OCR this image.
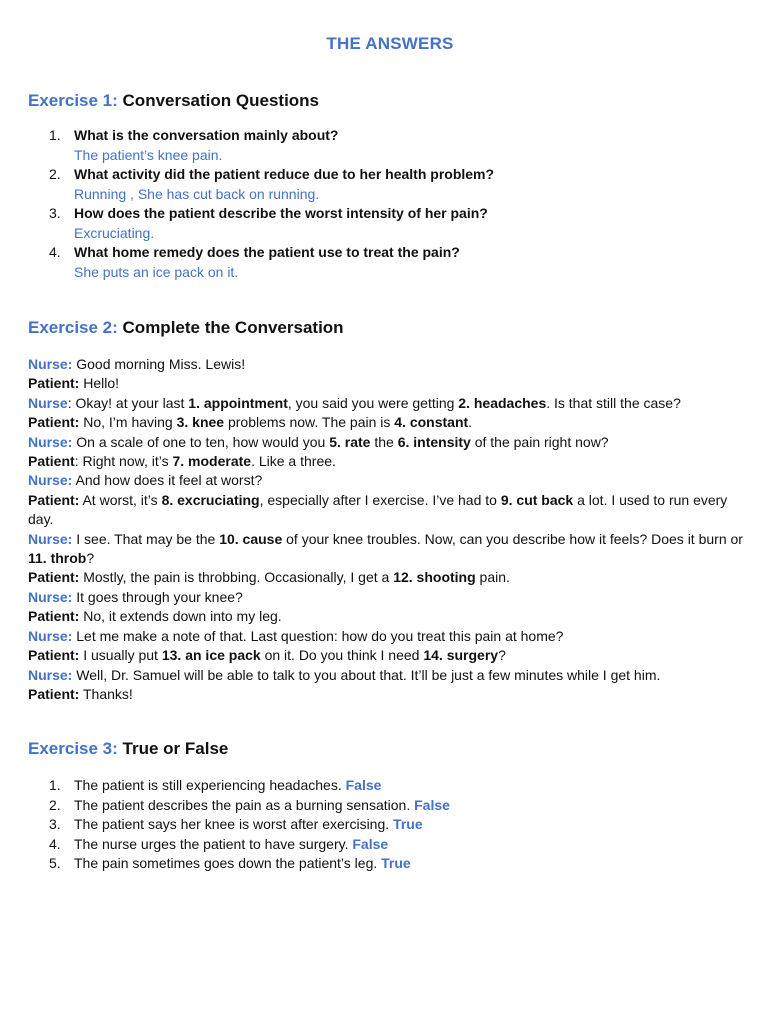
THE ANSWERS
Exercise 1: Conversation Questions
1. What is the conversation mainly about?
The patient’s knee pain.
2. What activity did the patient reduce due to her health problem?
Running , She has cut back on running.
3. How does the patient describe the worst intensity of her pain?
Excruciating.
4. What home remedy does the patient use to treat the pain?
She puts an ice pack on it.
Exercise 2: Complete the Conversation

Nurse: Good morning Miss. Lewis!

Patient: Hello!

Nurse: Okay! at your last 1. appointment, you said you were getting 2. headaches. Is that still the case?

Patient: No, I’m having 3. knee problems now. The pain is 4. constant.

Nurse: On a scale of one to ten, how would you 5. rate the 6. intensity of the pain right now?

Patient: Right now, it’s 7. moderate. Like a three.

Nurse: And how does it feel at worst?

Patient: At worst, it’s 8. excruciating, especially after I exercise. I’ve had to 9. cut back a lot. I used to run every day.

Nurse: I see. That may be the 10. cause of your knee troubles. Now, can you describe how it feels? Does it burn or 11. throb?

Patient: Mostly, the pain is throbbing. Occasionally, I get a 12. shooting pain.

Nurse: It goes through your knee?

Patient: No, it extends down into my leg.

Nurse: Let me make a note of that. Last question: how do you treat this pain at home?

Patient: I usually put 13. an ice pack on it. Do you think I need 14. surgery?

Nurse: Well, Dr. Samuel will be able to talk to you about that. It’ll be just a few minutes while I get him.

Patient: Thanks!

Exercise 3: True or False
1. The patient is still experiencing headaches. False
2. The patient describes the pain as a burning sensation. False
3. The patient says her knee is worst after exercising. True
4. The nurse urges the patient to have surgery. False
5. The pain sometimes goes down the patient’s leg. True
